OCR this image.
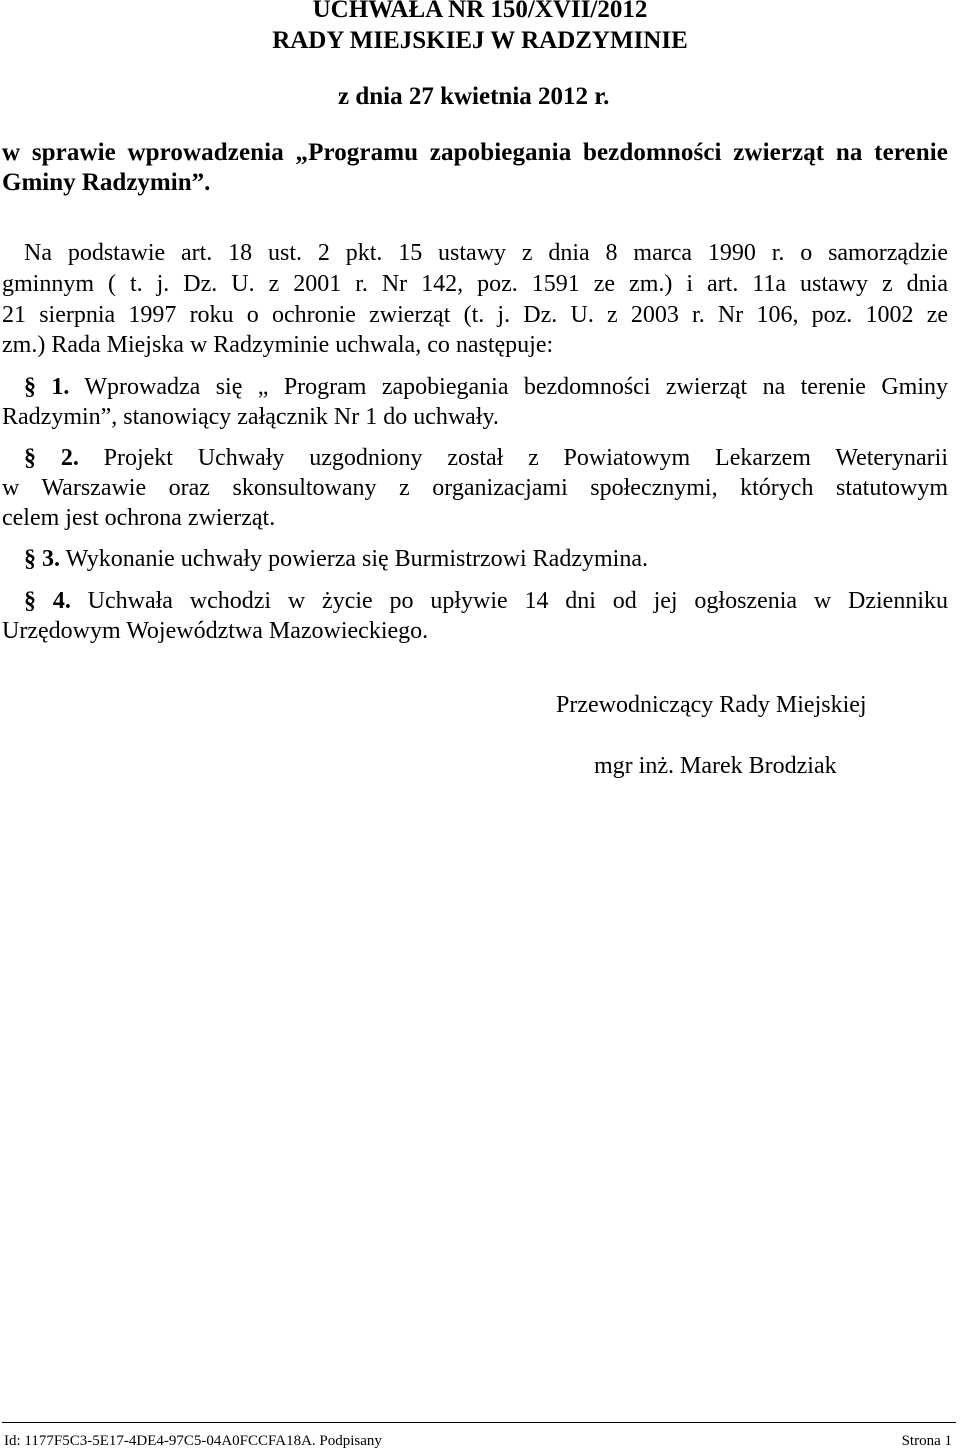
UCHWAŁA NR 150/XVII/2012
RADY MIEJSKIEJ W RADZYMINIE
z dnia 27 kwietnia 2012 r.
w sprawie wprowadzenia „Programu zapobiegania bezdomności zwierząt na terenie
Gminy Radzymin”.
Na podstawie art. 18 ust. 2 pkt. 15 ustawy z dnia 8 marca 1990 r. o samorządzie
gminnym ( t. j. Dz. U. z 2001 r. Nr 142, poz. 1591 ze zm.) i art. 11a ustawy z dnia
21 sierpnia 1997 roku o ochronie zwierząt (t. j. Dz. U. z 2003 r. Nr 106, poz. 1002 ze
zm.) Rada Miejska w Radzyminie uchwala, co następuje:
§ 1. Wprowadza się „ Program zapobiegania bezdomności zwierząt na terenie Gminy
Radzymin”, stanowiący załącznik Nr 1 do uchwały.
§ 2. Projekt Uchwały uzgodniony został z Powiatowym Lekarzem Weterynarii
w Warszawie oraz skonsultowany z organizacjami społecznymi, których statutowym
celem jest ochrona zwierząt.
§ 3. Wykonanie uchwały powierza się Burmistrzowi Radzymina.
§ 4. Uchwała wchodzi w życie po upływie 14 dni od jej ogłoszenia w Dzienniku
Urzędowym Województwa Mazowieckiego.
Przewodniczący Rady Miejskiej
mgr inż. Marek Brodziak
Id: 1177F5C3-5E17-4DE4-97C5-04A0FCCFA18A. Podpisany	Strona 1
